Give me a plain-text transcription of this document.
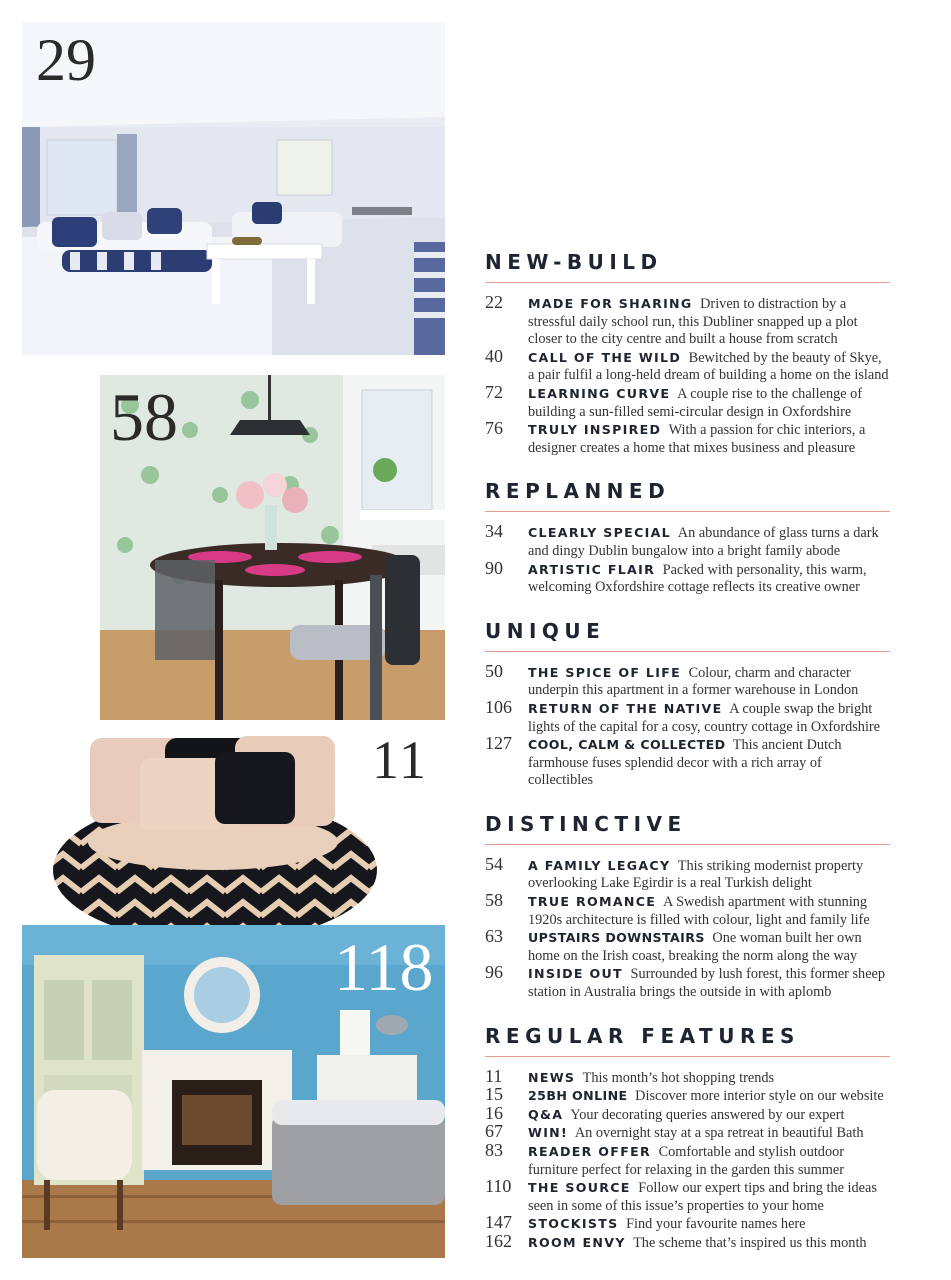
29
58
11
118
NEW-BUILD
22 MADE FOR SHARING Driven to distraction by a stressful daily school run, this Dubliner snapped up a plot closer to the city centre and built a house from scratch
40 CALL OF THE WILD Bewitched by the beauty of Skye, a pair fulfil a long-held dream of building a home on the island
72 LEARNING CURVE A couple rise to the challenge of building a sun-filled semi-circular design in Oxfordshire
76 TRULY INSPIRED With a passion for chic interiors, a designer creates a home that mixes business and pleasure
REPLANNED
34 CLEARLY SPECIAL An abundance of glass turns a dark and dingy Dublin bungalow into a bright family abode
90 ARTISTIC FLAIR Packed with personality, this warm, welcoming Oxfordshire cottage reflects its creative owner
UNIQUE
50 THE SPICE OF LIFE Colour, charm and character underpin this apartment in a former warehouse in London
106 RETURN OF THE NATIVE A couple swap the bright lights of the capital for a cosy, country cottage in Oxfordshire
127 COOL, CALM & COLLECTED This ancient Dutch farmhouse fuses splendid decor with a rich array of collectibles
DISTINCTIVE
54 A FAMILY LEGACY This striking modernist property overlooking Lake Egirdir is a real Turkish delight
58 TRUE ROMANCE A Swedish apartment with stunning 1920s architecture is filled with colour, light and family life
63 UPSTAIRS DOWNSTAIRS One woman built her own home on the Irish coast, breaking the norm along the way
96 INSIDE OUT Surrounded by lush forest, this former sheep station in Australia brings the outside in with aplomb
REGULAR FEATURES
11 NEWS This month’s hot shopping trends
15 25BH ONLINE Discover more interior style on our website
16 Q&A Your decorating queries answered by our expert
67 WIN! An overnight stay at a spa retreat in beautiful Bath
83 READER OFFER Comfortable and stylish outdoor furniture perfect for relaxing in the garden this summer
110 THE SOURCE Follow our expert tips and bring the ideas seen in some of this issue’s properties to your home
147 STOCKISTS Find your favourite names here
162 ROOM ENVY The scheme that’s inspired us this month
